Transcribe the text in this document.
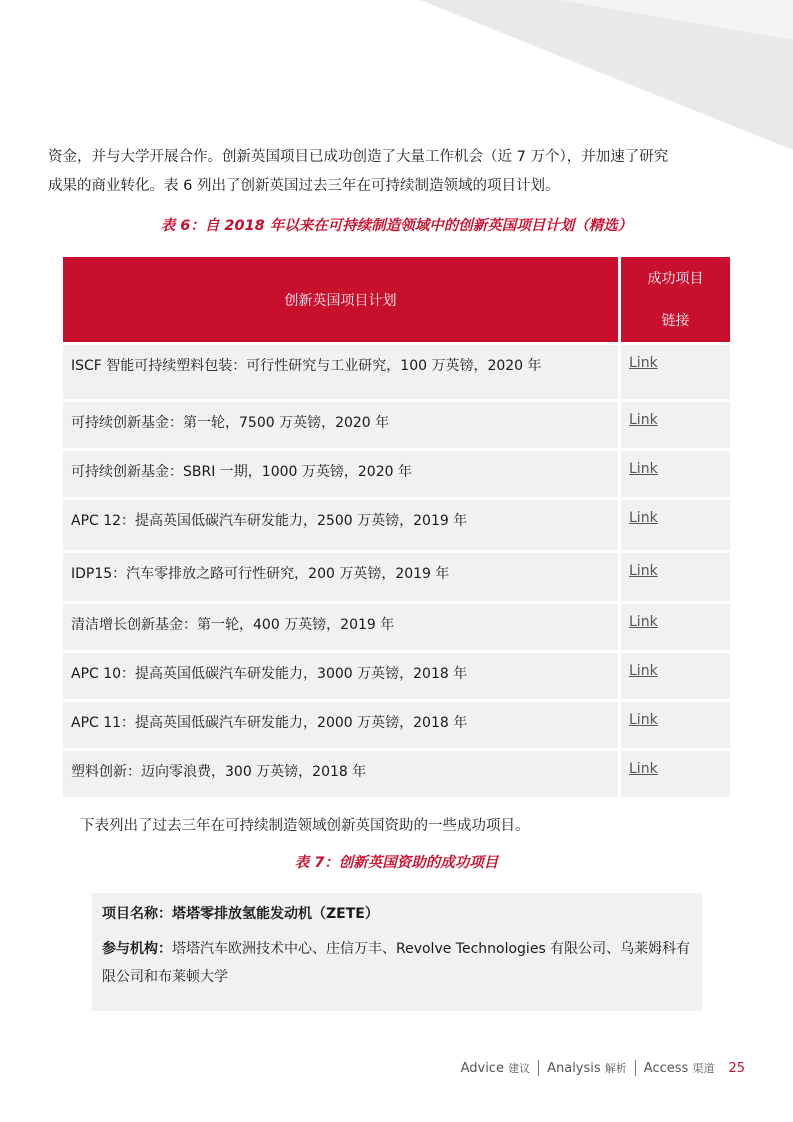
资金，并与大学开展合作。创新英国项目已成功创造了大量工作机会（近 7 万个），并加速了研究
成果的商业转化。表 6 列出了创新英国过去三年在可持续制造领域的项目计划。

表 6：自 2018 年以来在可持续制造领域中的创新英国项目计划（精选）
创新英国项目计划	成功项目
链接
ISCF 智能可持续塑料包装：可行性研究与工业研究，100 万英镑，2020 年	Link
可持续创新基金：第一轮，7500 万英镑，2020 年	Link
可持续创新基金：SBRI 一期，1000 万英镑，2020 年	Link
APC 12：提高英国低碳汽车研发能力，2500 万英镑，2019 年	Link
IDP15：汽车零排放之路可行性研究，200 万英镑，2019 年	Link
清洁增长创新基金：第一轮，400 万英镑，2019 年	Link
APC 10：提高英国低碳汽车研发能力，3000 万英镑，2018 年	Link
APC 11：提高英国低碳汽车研发能力，2000 万英镑，2018 年	Link
塑料创新：迈向零浪费，300 万英镑，2018 年	Link
下表列出了过去三年在可持续制造领域创新英国资助的一些成功项目。
表 7：创新英国资助的成功项目
项目名称：塔塔零排放氢能发动机（ZETE）
参与机构：塔塔汽车欧洲技术中心、庄信万丰、Revolve Technologies 有限公司、乌莱姆科有限公司和布莱顿大学
Advice 建议 Analysis 解析 Access 渠道 25
